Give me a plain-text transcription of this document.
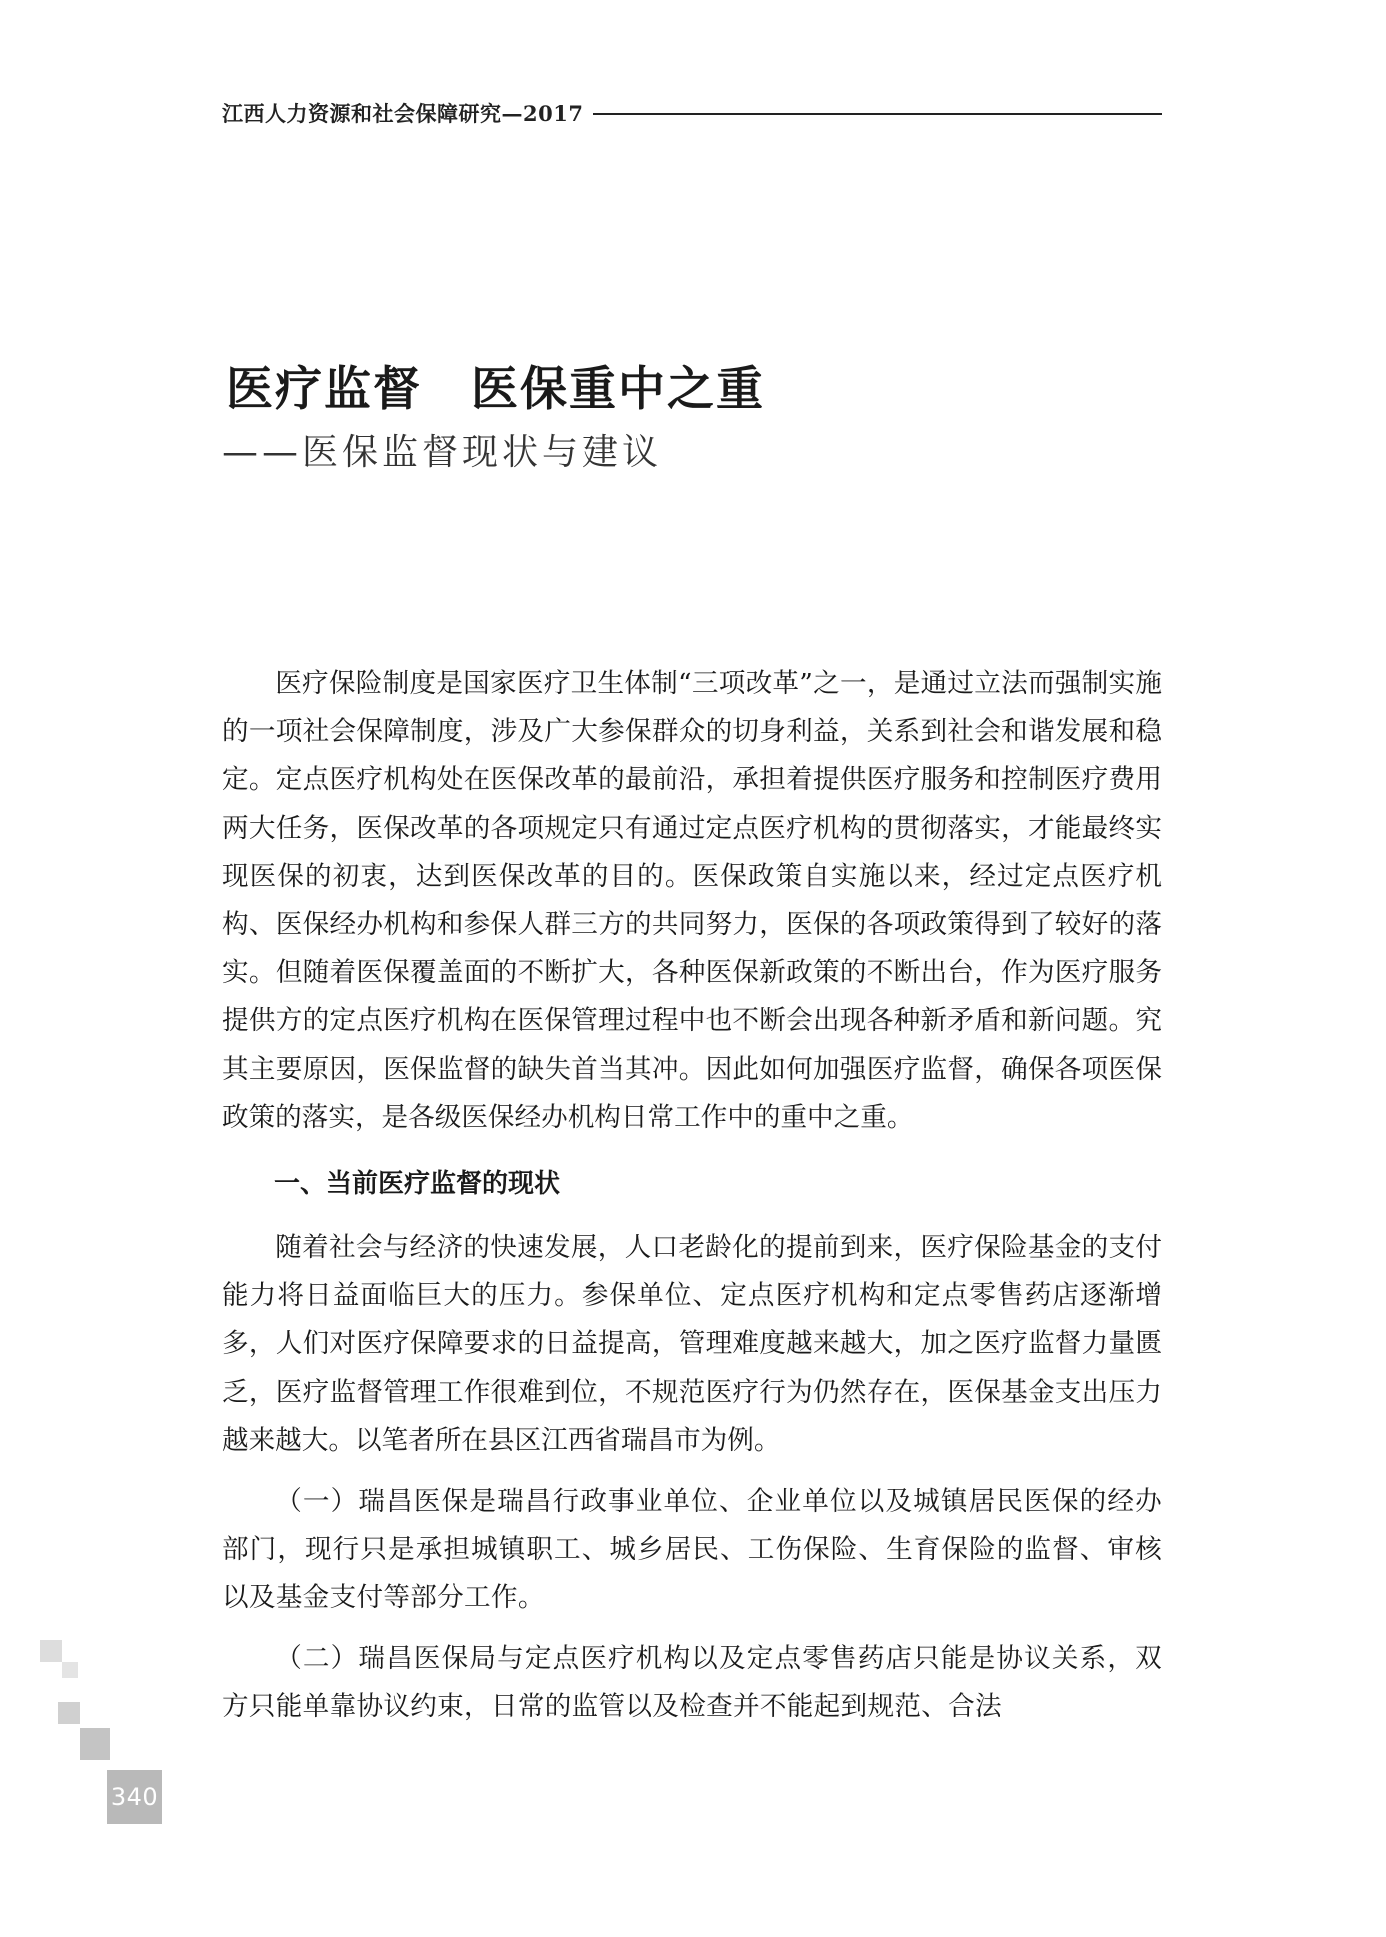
江西人力资源和社会保障研究—2017
医疗监督　医保重中之重
——医保监督现状与建议

医疗保险制度是国家医疗卫生体制“三项改革”之一，是通过立法而强制实施的一项社会保障制度，涉及广大参保群众的切身利益，关系到社会和谐发展和稳定。定点医疗机构处在医保改革的最前沿，承担着提供医疗服务和控制医疗费用两大任务，医保改革的各项规定只有通过定点医疗机构的贯彻落实，才能最终实现医保的初衷，达到医保改革的目的。医保政策自实施以来，经过定点医疗机构、医保经办机构和参保人群三方的共同努力，医保的各项政策得到了较好的落实。但随着医保覆盖面的不断扩大，各种医保新政策的不断出台，作为医疗服务提供方的定点医疗机构在医保管理过程中也不断会出现各种新矛盾和新问题。究其主要原因，医保监督的缺失首当其冲。因此如何加强医疗监督，确保各项医保政策的落实，是各级医保经办机构日常工作中的重中之重。

一、当前医疗监督的现状

随着社会与经济的快速发展，人口老龄化的提前到来，医疗保险基金的支付能力将日益面临巨大的压力。参保单位、定点医疗机构和定点零售药店逐渐增多，人们对医疗保障要求的日益提高，管理难度越来越大，加之医疗监督力量匮乏，医疗监督管理工作很难到位，不规范医疗行为仍然存在，医保基金支出压力越来越大。以笔者所在县区江西省瑞昌市为例。

（一）瑞昌医保是瑞昌行政事业单位、企业单位以及城镇居民医保的经办部门，现行只是承担城镇职工、城乡居民、工伤保险、生育保险的监督、审核以及基金支付等部分工作。

（二）瑞昌医保局与定点医疗机构以及定点零售药店只能是协议关系，双方只能单靠协议约束，日常的监管以及检查并不能起到规范、合法

340
